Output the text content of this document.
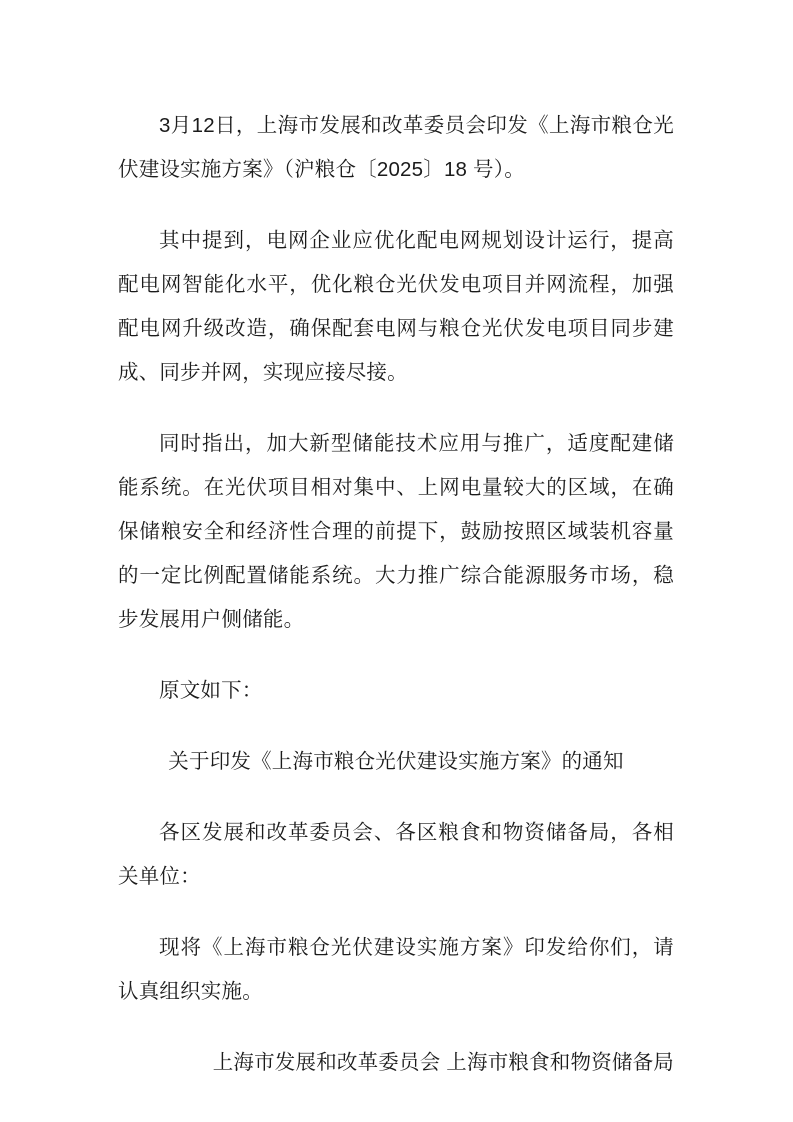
3月12日，上海市发展和改革委员会印发《上海市粮仓光伏建设实施方案》（沪粮仓〔2025〕18 号）。

其中提到，电网企业应优化配电网规划设计运行，提高配电网智能化水平，优化粮仓光伏发电项目并网流程，加强配电网升级改造，确保配套电网与粮仓光伏发电项目同步建成、同步并网，实现应接尽接。

同时指出，加大新型储能技术应用与推广，适度配建储能系统。在光伏项目相对集中、上网电量较大的区域，在确保储粮安全和经济性合理的前提下，鼓励按照区域装机容量的一定比例配置储能系统。大力推广综合能源服务市场，稳步发展用户侧储能。

原文如下：

关于印发《上海市粮仓光伏建设实施方案》的通知

各区发展和改革委员会、各区粮食和物资储备局，各相关单位：

现将《上海市粮仓光伏建设实施方案》印发给你们，请认真组织实施。

上海市发展和改革委员会 上海市粮食和物资储备局
